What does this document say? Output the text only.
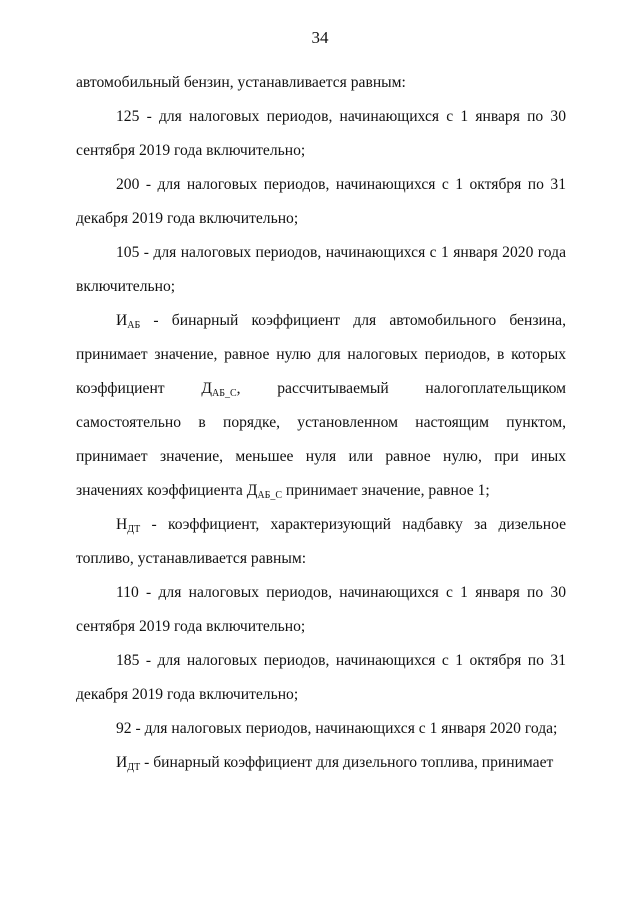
34

автомобильный бензин, устанавливается равным:

125 - для налоговых периодов, начинающихся с 1 января по 30 сентября 2019 года включительно;

200 - для налоговых периодов, начинающихся с 1 октября по 31 декабря 2019 года включительно;

105 - для налоговых периодов, начинающихся с 1 января 2020 года включительно;

$И_{АБ}$ - бинарный коэффициент для автомобильного бензина, принимает значение, равное нулю для налоговых периодов, в которых коэффициент $Д_{АБ\_С}$, рассчитываемый налогоплательщиком самостоятельно в порядке, установленном настоящим пунктом, принимает значение, меньшее нуля или равное нулю, при иных значениях коэффициента $Д_{АБ\_С}$ принимает значение, равное 1;

$Н_{ДТ}$ - коэффициент, характеризующий надбавку за дизельное топливо, устанавливается равным:

110 - для налоговых периодов, начинающихся с 1 января по 30 сентября 2019 года включительно;

185 - для налоговых периодов, начинающихся с 1 октября по 31 декабря 2019 года включительно;

92 - для налоговых периодов, начинающихся с 1 января 2020 года;

$И_{ДТ}$ - бинарный коэффициент для дизельного топлива, принимает
